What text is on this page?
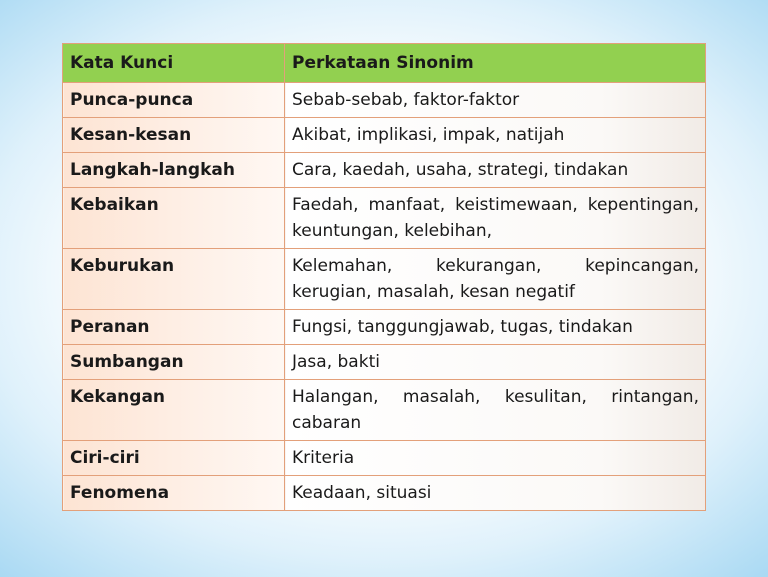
Kata Kunci	Perkataan Sinonim
Punca-punca	Sebab-sebab, faktor-faktor
Kesan-kesan	Akibat, implikasi, impak, natijah
Langkah-langkah	Cara, kaedah, usaha, strategi, tindakan
Kebaikan	Faedah, manfaat, keistimewaan, kepentingan, keuntungan, kelebihan,
Keburukan	Kelemahan, kekurangan, kepincangan, kerugian, masalah, kesan negatif
Peranan	Fungsi, tanggungjawab, tugas, tindakan
Sumbangan	Jasa, bakti
Kekangan	Halangan, masalah, kesulitan, rintangan, cabaran
Ciri-ciri	Kriteria
Fenomena	Keadaan, situasi
